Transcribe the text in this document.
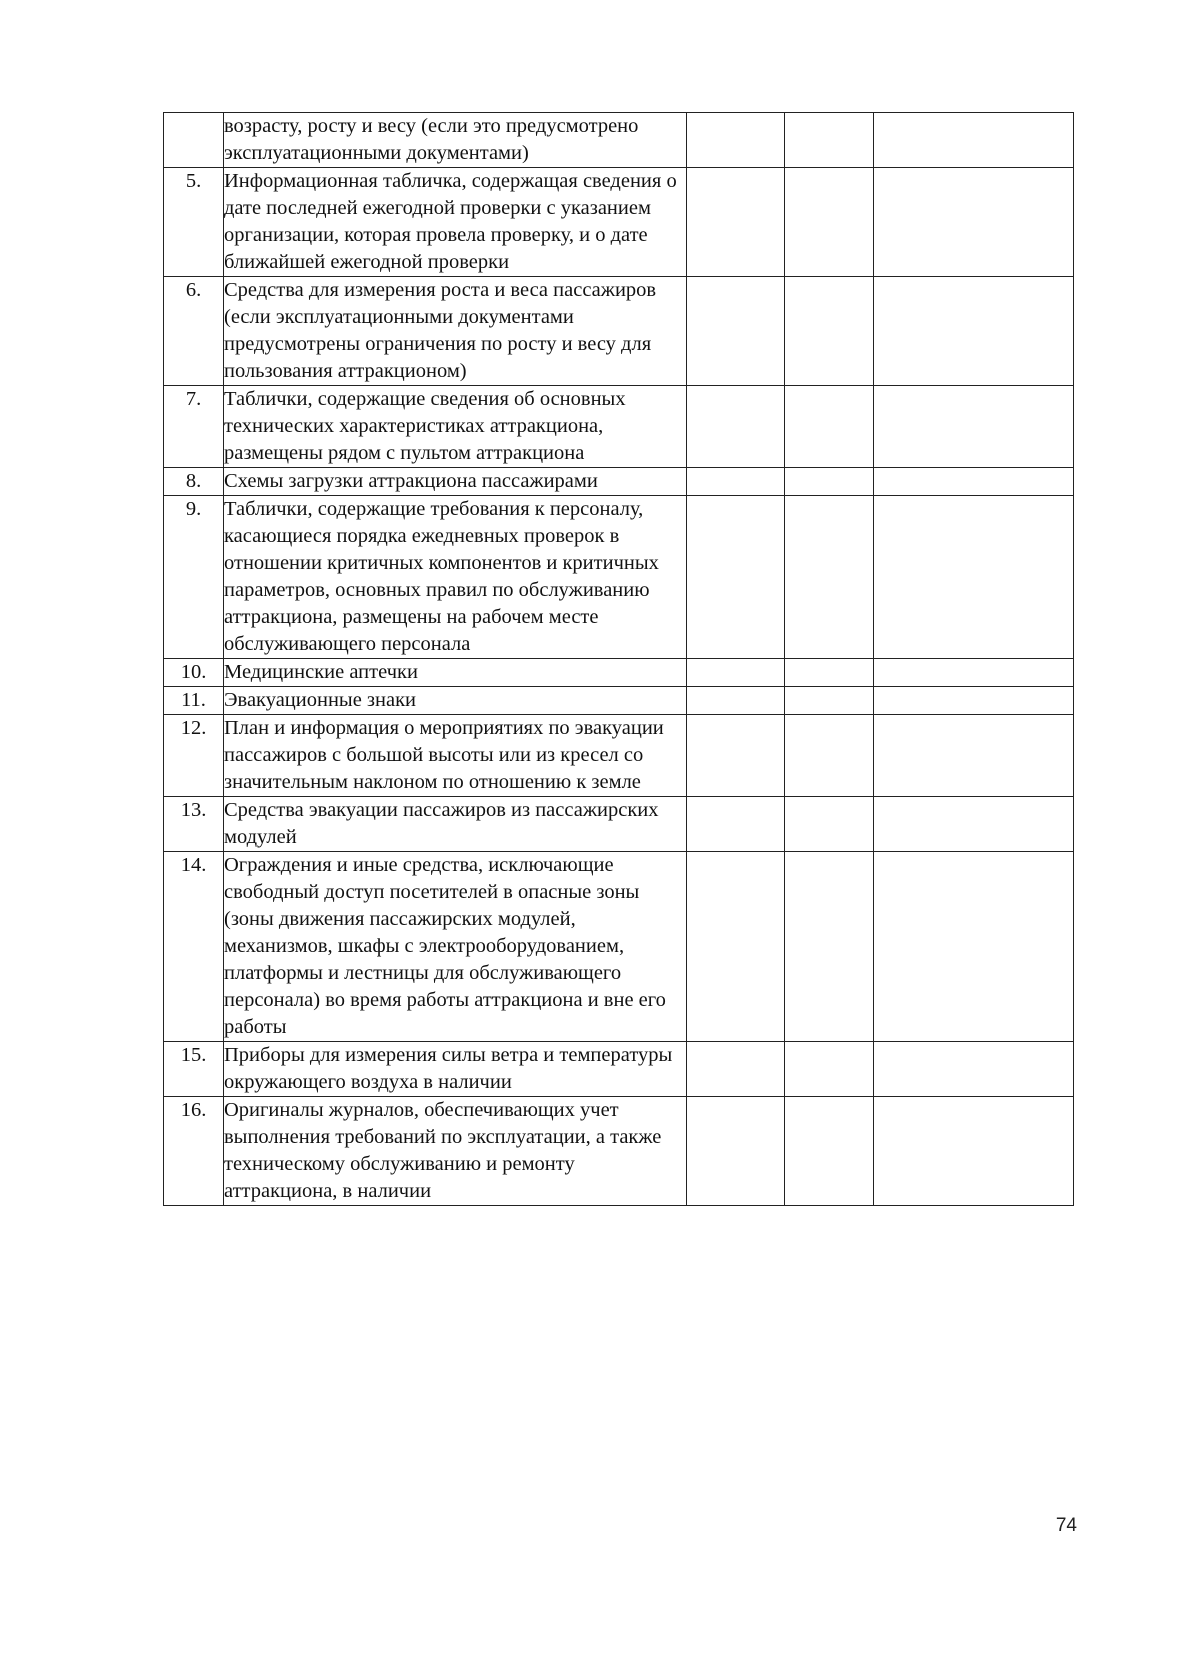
	возрасту, росту и весу (если это предусмотрено эксплуатационными документами)			
5.	Информационная табличка, содержащая сведения о дате последней ежегодной проверки с указанием организации, которая провела проверку, и о дате ближайшей ежегодной проверки			
6.	Средства для измерения роста и веса пассажиров (если эксплуатационными документами предусмотрены ограничения по росту и весу для пользования аттракционом)			
7.	Таблички, содержащие сведения об основных технических характеристиках аттракциона, размещены рядом с пультом аттракциона			
8.	Схемы загрузки аттракциона пассажирами			
9.	Таблички, содержащие требования к персоналу, касающиеся порядка ежедневных проверок в отношении критичных компонентов и критичных параметров, основных правил по обслуживанию аттракциона, размещены на рабочем месте обслуживающего персонала			
10.	Медицинские аптечки			
11.	Эвакуационные знаки			
12.	План и информация о мероприятиях по эвакуации пассажиров с большой высоты или из кресел со значительным наклоном по отношению к земле			
13.	Средства эвакуации пассажиров из пассажирских модулей			
14.	Ограждения и иные средства, исключающие свободный доступ посетителей в опасные зоны (зоны движения пассажирских модулей, механизмов, шкафы с электрооборудованием, платформы и лестницы для обслуживающего персонала) во время работы аттракциона и вне его работы			
15.	Приборы для измерения силы ветра и температуры окружающего воздуха в наличии			
16.	Оригиналы журналов, обеспечивающих учет выполнения требований по эксплуатации, а также техническому обслуживанию и ремонту аттракциона, в наличии			
74
